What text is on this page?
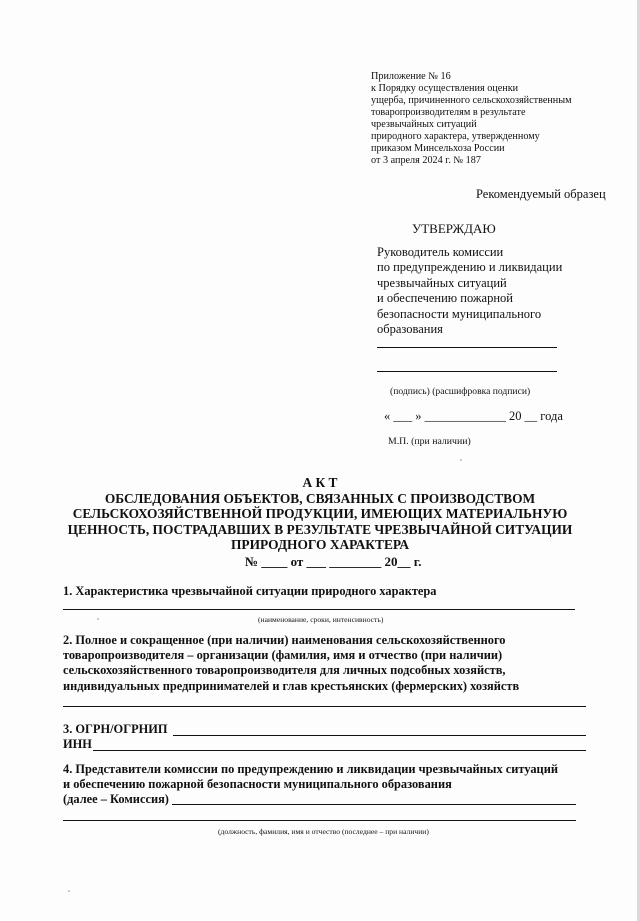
Приложение № 16
к Порядку осуществления оценки
ущерба, причиненного сельскохозяйственным
товаропроизводителям в результате
чрезвычайных ситуаций
природного характера, утвержденному
приказом Минсельхоза России
от 3 апреля 2024 г. № 187
Рекомендуемый образец
УТВЕРЖДАЮ
Руководитель комиссии
по предупреждению и ликвидации
чрезвычайных ситуаций
и обеспечению пожарной
безопасности муниципального
образования
(подпись) (расшифровка подписи)
« ___ » _____________ 20 __ года
М.П. (при наличии)
А К Т
ОБСЛЕДОВАНИЯ ОБЪЕКТОВ, СВЯЗАННЫХ С ПРОИЗВОДСТВОМ
СЕЛЬСКОХОЗЯЙСТВЕННОЙ ПРОДУКЦИИ, ИМЕЮЩИХ МАТЕРИАЛЬНУЮ
ЦЕННОСТЬ, ПОСТРАДАВШИХ В РЕЗУЛЬТАТЕ ЧРЕЗВЫЧАЙНОЙ СИТУАЦИИ
ПРИРОДНОГО ХАРАКТЕРА
№ ____ от ___ ________ 20__ г.
1. Характеристика чрезвычайной ситуации природного характера
(наименование, сроки, интенсивность)
2. Полное и сокращенное (при наличии) наименования сельскохозяйственного
товаропроизводителя – организации (фамилия, имя и отчество (при наличии)
сельскохозяйственного товаропроизводителя для личных подсобных хозяйств,
индивидуальных предпринимателей и глав крестьянских (фермерских) хозяйств
3. ОГРН/ОГРНИП
ИНН
4. Представители комиссии по предупреждению и ликвидации чрезвычайных ситуаций
и обеспечению пожарной безопасности муниципального образования
(далее – Комиссия)
(должность, фамилия, имя и отчество (последнее – при наличии)
